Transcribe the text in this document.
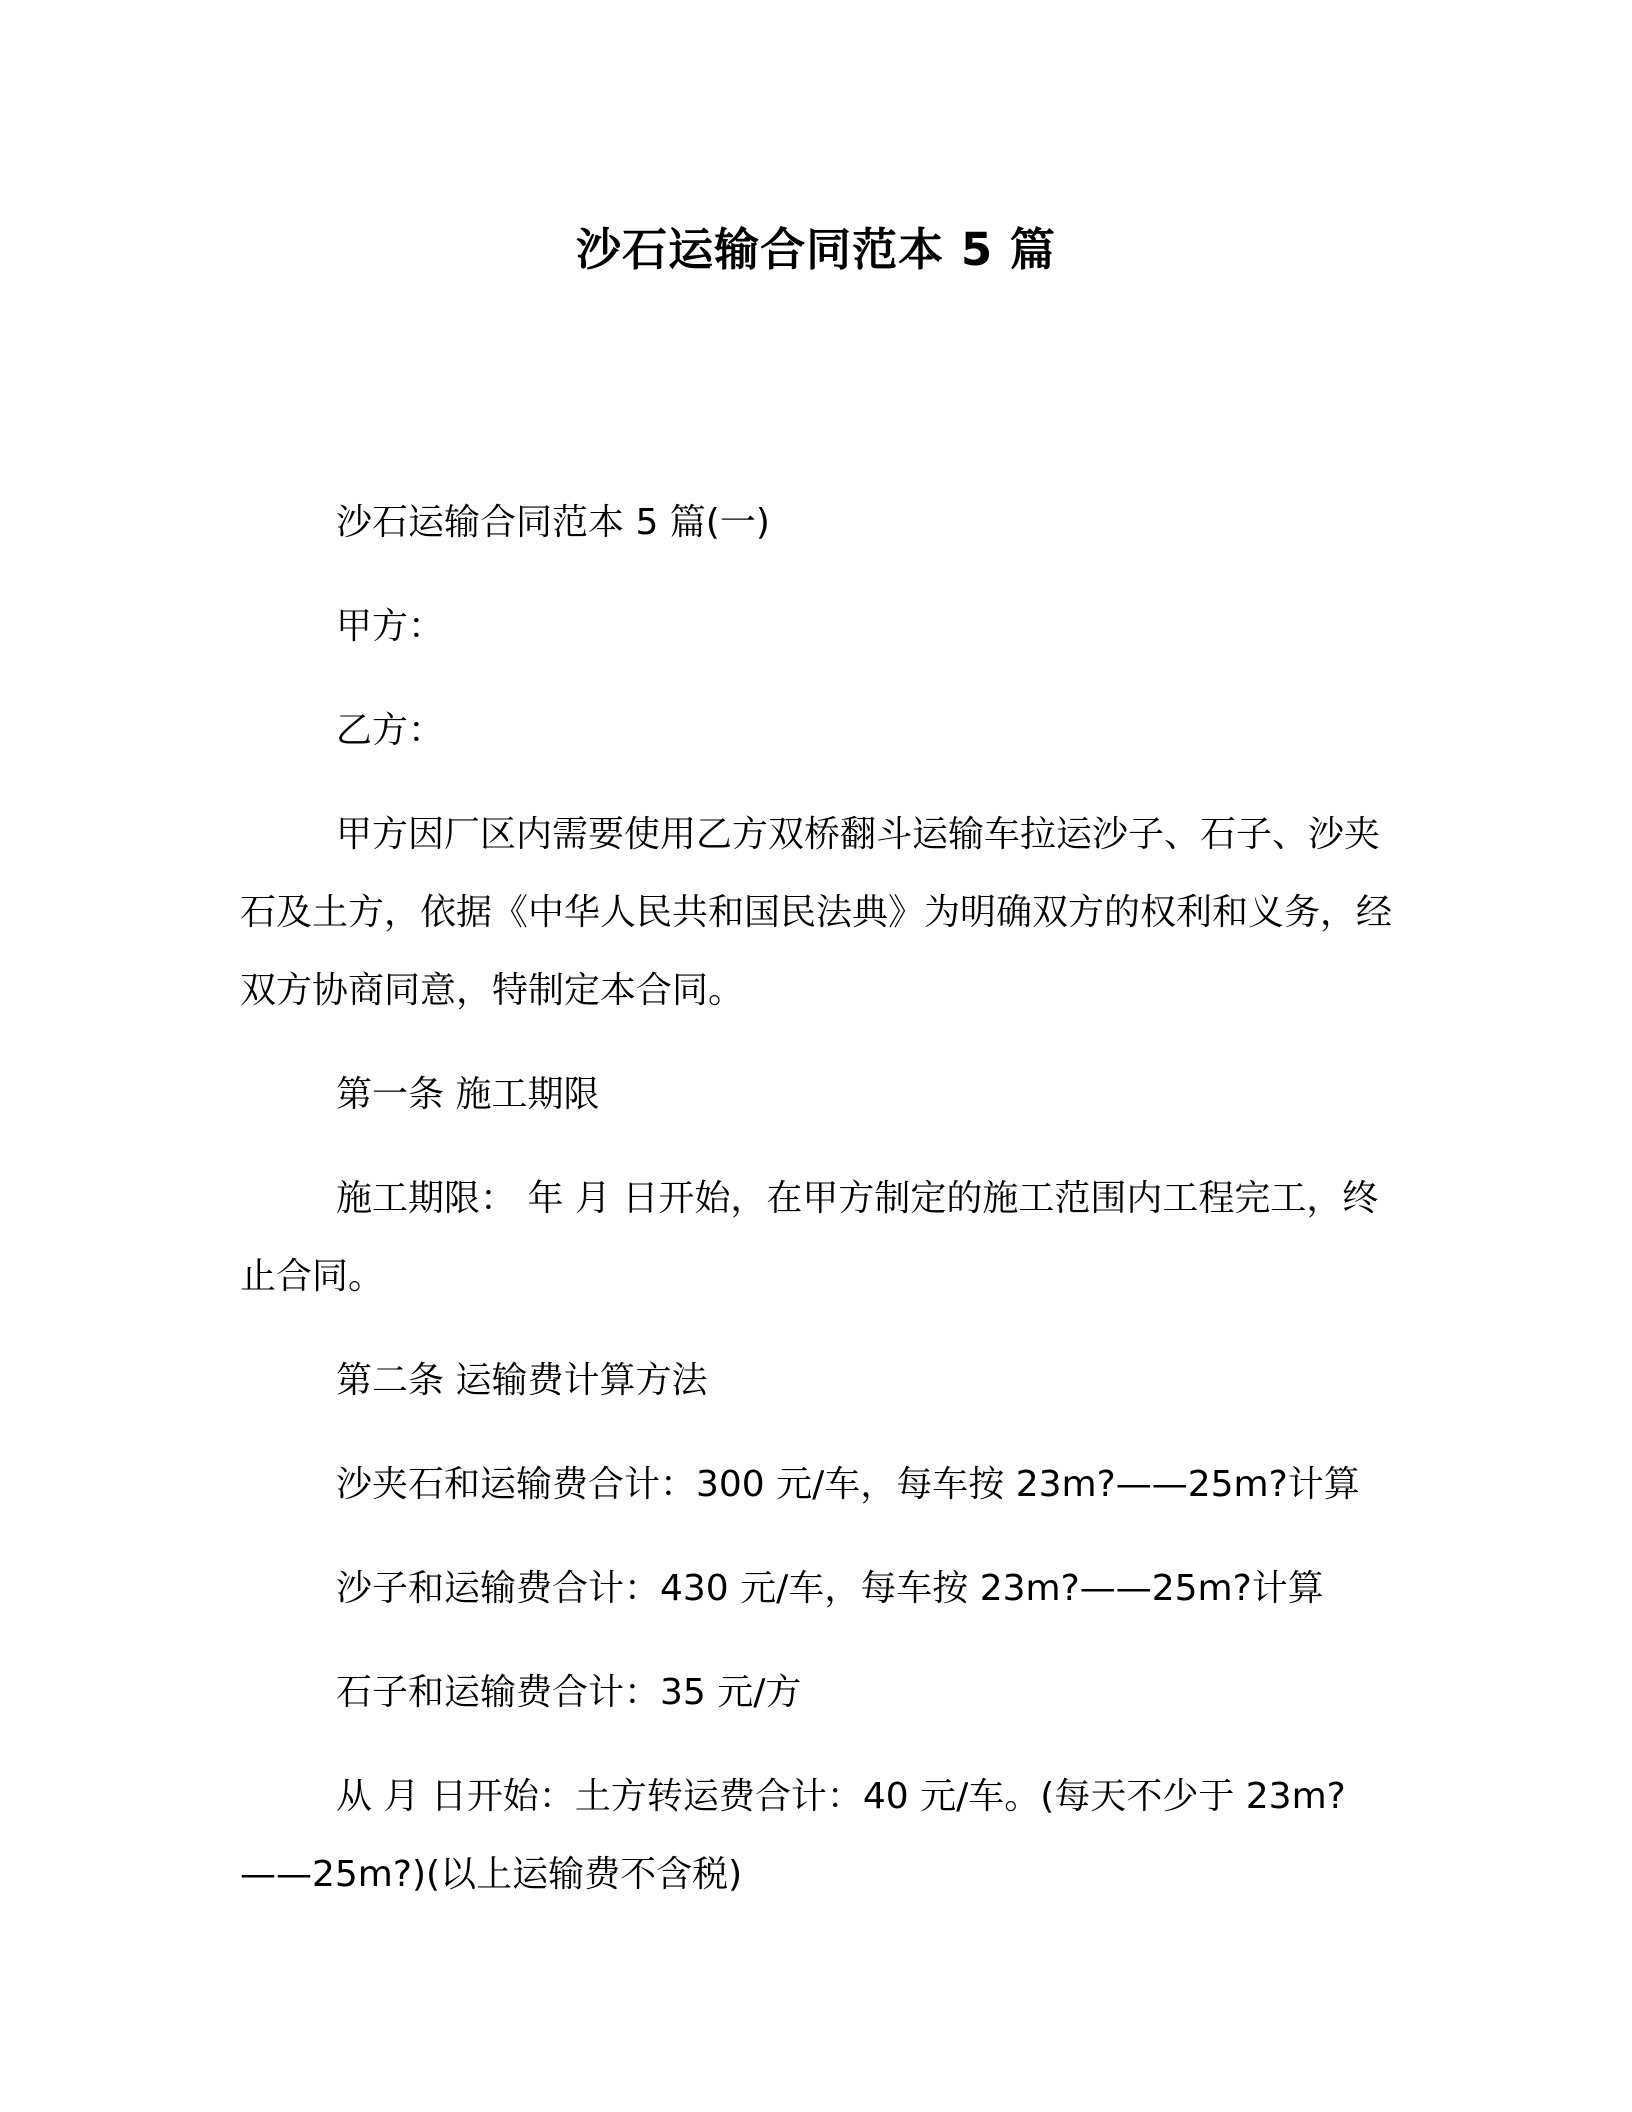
沙石运输合同范本 5 篇

沙石运输合同范本 5 篇(一)

甲方：

乙方：

甲方因厂区内需要使用乙方双桥翻斗运输车拉运沙子、石子、沙夹石及土方，依据《中华人民共和国民法典》为明确双方的权利和义务，经双方协商同意，特制定本合同。

第一条 施工期限

施工期限： 年 月 日开始，在甲方制定的施工范围内工程完工，终止合同。

第二条 运输费计算方法

沙夹石和运输费合计：300 元/车，每车按 23m?——25m?计算

沙子和运输费合计：430 元/车，每车按 23m?——25m?计算

石子和运输费合计：35 元/方

从 月 日开始：土方转运费合计：40 元/车。(每天不少于 23m?——25m?)(以上运输费不含税)
